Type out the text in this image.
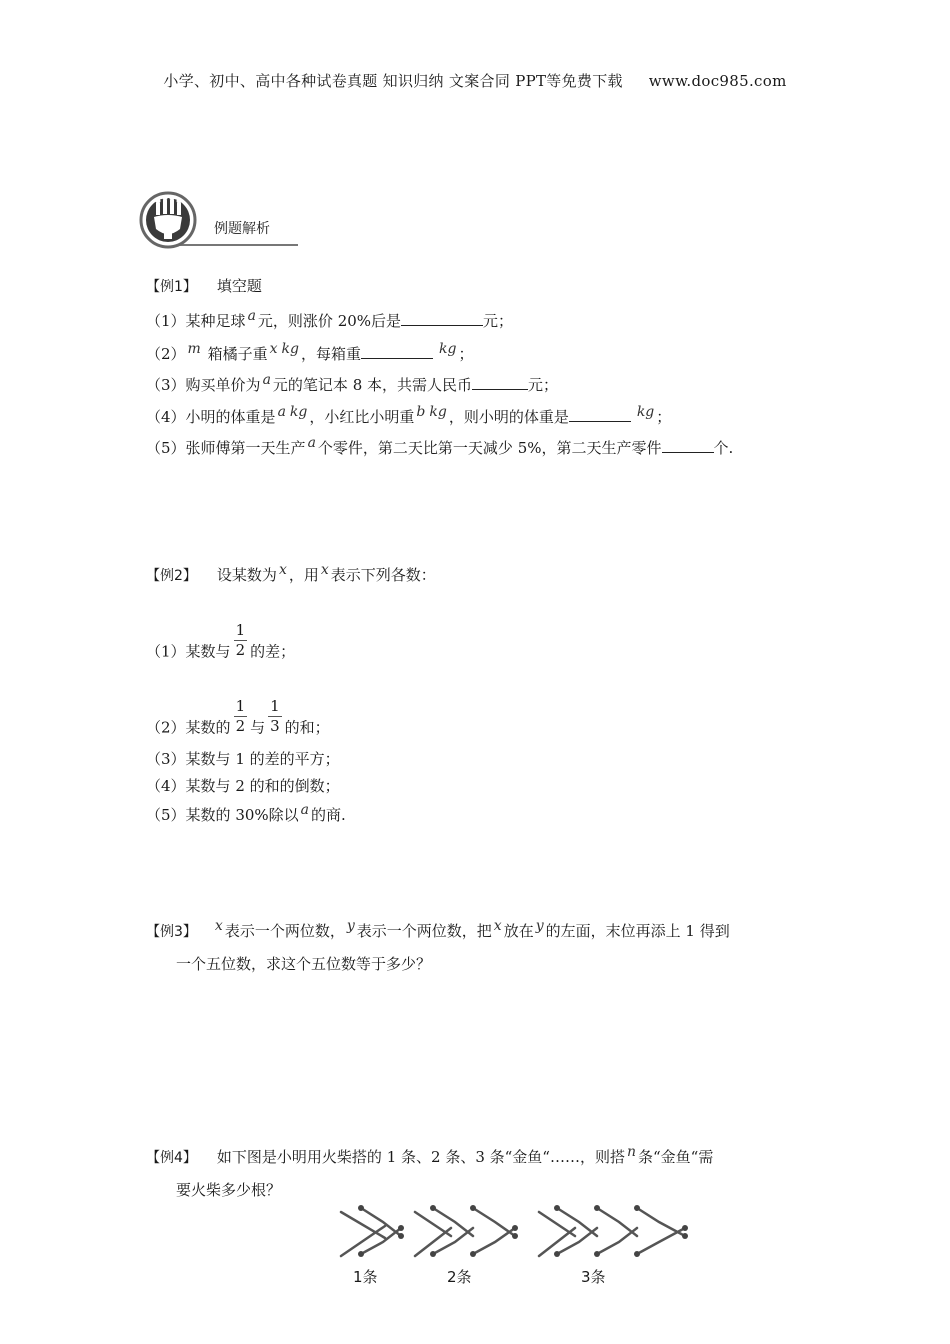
小学、初中、高中各种试卷真题 知识归纳 文案合同 PPT等免费下载 www.doc985.com
例题解析
【例1】 填空题
（1）某种足球 a 元，则涨价 20%后是	元；
（2） m 箱橘子重 x kg ，每箱重	kg ；
（3）购买单价为 a 元的笔记本 8 本，共需人民币	元；
（4）小明的体重是 a kg ，小红比小明重 b kg ，则小明的体重是	kg ；
（5）张师傅第一天生产 a 个零件，第二天比第一天减少 5%，第二天生产零件	个.
【例2】 设某数为 x ，用 x 表示下列各数：
（1）某数与 $\frac{1}{2}$ 的差；
（2）某数的 $\frac{1}{2}$ 与 $\frac{1}{3}$ 的和；
（3）某数与 1 的差的平方；
（4）某数与 2 的和的倒数；
（5）某数的 30%除以 a 的商.
【例3】 x 表示一个两位数， y 表示一个两位数，把 x 放在 y 的左面，末位再添上 1 得到
一个五位数，求这个五位数等于多少？
【例4】 如下图是小明用火柴搭的 1 条、2 条、3 条“金鱼“……，则搭 n 条“金鱼“需
要火柴多少根？
1条	2条	3条
